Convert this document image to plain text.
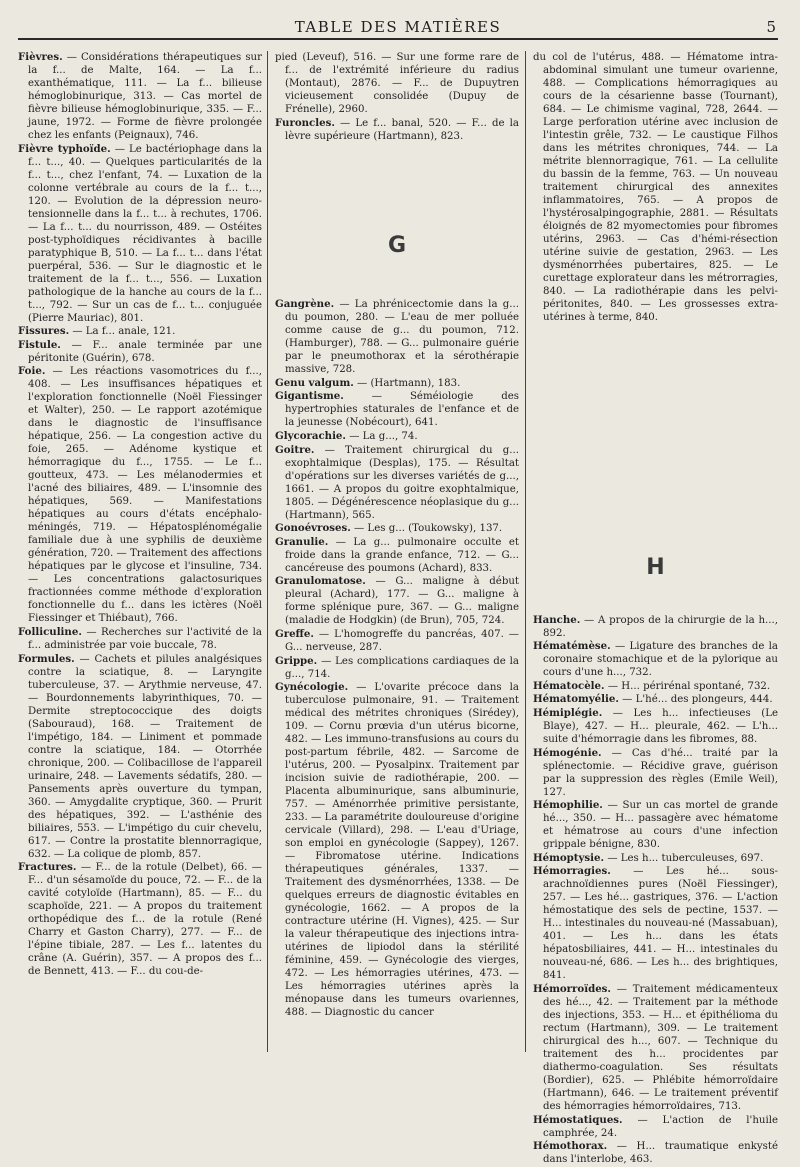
TABLE DES MATIÈRES	5

Fièvres. — Considérations thérapeutiques sur la f... de Malte, 164. — La f... exanthématique, 111. — La f... bilieuse hémoglobinurique, 313. — Cas mortel de fièvre bilieuse hémoglobinurique, 335. — F... jaune, 1972. — Forme de fièvre prolongée chez les enfants (Peignaux), 746.

Fièvre typhoïde. — Le bactériophage dans la f... t..., 40. — Quelques particularités de la f... t..., chez l'enfant, 74. — Luxation de la colonne vertébrale au cours de la f... t..., 120. — Evolution de la dépression neuro-tensionnelle dans la f... t... à rechutes, 1706. — La f... t... du nourrisson, 489. — Ostéites post-typhoïdiques récidivantes à bacille paratyphique B, 510. — La f... t... dans l'état puerpéral, 536. — Sur le diagnostic et le traitement de la f... t..., 556. — Luxation pathologique de la hanche au cours de la f... t..., 792. — Sur un cas de f... t... conjuguée (Pierre Mauriac), 801.

Fissures. — La f... anale, 121.

Fistule. — F... anale terminée par une péritonite (Guérin), 678.

Foie. — Les réactions vasomotrices du f..., 408. — Les insuffisances hépatiques et l'exploration fonctionnelle (Noël Fiessinger et Walter), 250. — Le rapport azotémique dans le diagnostic de l'insuffisance hépatique, 256. — La congestion active du foie, 265. — Adénome kystique et hémorragique du f..., 1755. — Le f... goutteux, 473. — Les mélanodermies et l'acné des biliaires, 489. — L'insomnie des hépatiques, 569. — Manifestations hépatiques au cours d'états encéphalo-méningés, 719. — Hépatosplénomégalie familiale due à une syphilis de deuxième génération, 720. — Traitement des affections hépatiques par le glycose et l'insuline, 734. — Les concentrations galactosuriques fractionnées comme méthode d'exploration fonctionnelle du f... dans les ictères (Noël Fiessinger et Thiébaut), 766.

Folliculine. — Recherches sur l'activité de la f... administrée par voie buccale, 78.

Formules. — Cachets et pilules analgésiques contre la sciatique, 8. — Laryngite tuberculeuse, 37. — Arythmie nerveuse, 47. — Bourdonnements labyrinthiques, 70. — Dermite streptococcique des doigts (Sabouraud), 168. — Traitement de l'impétigo, 184. — Liniment et pommade contre la sciatique, 184. — Otorrhée chronique, 200. — Colibacillose de l'appareil urinaire, 248. — Lavements sédatifs, 280. — Pansements après ouverture du tympan, 360. — Amygdalite cryptique, 360. — Prurit des hépatiques, 392. — L'asthénie des biliaires, 553. — L'impétigo du cuir chevelu, 617. — Contre la prostatite blennorragique, 632. — La colique de plomb, 857.

Fractures. — F... de la rotule (Delbet), 66. — F... d'un sésamoïde du pouce, 72. — F... de la cavité cotyloïde (Hartmann), 85. — F... du scaphoïde, 221. — A propos du traitement orthopédique des f... de la rotule (René Charry et Gaston Charry), 277. — F... de l'épine tibiale, 287. — Les f... latentes du crâne (A. Guérin), 357. — A propos des f... de Bennett, 413. — F... du cou-de-

pied (Leveuf), 516. — Sur une forme rare de f... de l'extrémité inférieure du radius (Montaut), 2876. — F... de Dupuytren vicieusement consolidée (Dupuy de Frénelle), 2960.

Furoncles. — Le f... banal, 520. — F... de la lèvre supérieure (Hartmann), 823.

G

Gangrène. — La phrénicectomie dans la g... du poumon, 280. — L'eau de mer polluée comme cause de g... du poumon, 712. (Hamburger), 788. — G... pulmonaire guérie par le pneumothorax et la sérothérapie massive, 728.

Genu valgum. — (Hartmann), 183.

Gigantisme. — Séméiologie des hypertrophies staturales de l'enfance et de la jeunesse (Nobécourt), 641.

Glycorachie. — La g..., 74.

Goitre. — Traitement chirurgical du g... exophtalmique (Desplas), 175. — Résultat d'opérations sur les diverses variétés de g..., 1661. — A propos du goitre exophtalmique, 1805. — Dégénérescence néoplasique du g... (Hartmann), 565.

Gonoévroses. — Les g... (Toukowsky), 137.

Granulie. — La g... pulmonaire occulte et froide dans la grande enfance, 712. — G... cancéreuse des poumons (Achard), 833.

Granulomatose. — G... maligne à début pleural (Achard), 177. — G... maligne à forme splénique pure, 367. — G... maligne (maladie de Hodgkin) (de Brun), 705, 724.

Greffe. — L'homogreffe du pancréas, 407. — G... nerveuse, 287.

Grippe. — Les complications cardiaques de la g..., 714.

Gynécologie. — L'ovarite précoce dans la tuberculose pulmonaire, 91. — Traitement médical des métrites chroniques (Sirédey), 109. — Cornu prœvia d'un utérus bicorne, 482. — Les immuno-transfusions au cours du post-partum fébrile, 482. — Sarcome de l'utérus, 200. — Pyosalpinx. Traitement par incision suivie de radiothérapie, 200. — Placenta albuminurique, sans albuminurie, 757. — Aménorrhée primitive persistante, 233. — La paramétrite douloureuse d'origine cervicale (Villard), 298. — L'eau d'Uriage, son emploi en gynécologie (Sappey), 1267. — Fibromatose utérine. Indications thérapeutiques générales, 1337. — Traitement des dysménorrhées, 1338. — De quelques erreurs de diagnostic évitables en gynécologie, 1662. — A propos de la contracture utérine (H. Vignes), 425. — Sur la valeur thérapeutique des injections intra-utérines de lipiodol dans la stérilité féminine, 459. — Gynécologie des vierges, 472. — Les hémorragies utérines, 473. — Les hémorragies utérines après la ménopause dans les tumeurs ovariennes, 488. — Diagnostic du cancer

du col de l'utérus, 488. — Hématome intra-abdominal simulant une tumeur ovarienne, 488. — Complications hémorragiques au cours de la césarienne basse (Tournant), 684. — Le chimisme vaginal, 728, 2644. — Large perforation utérine avec inclusion de l'intestin grêle, 732. — Le caustique Filhos dans les métrites chroniques, 744. — La métrite blennorragique, 761. — La cellulite du bassin de la femme, 763. — Un nouveau traitement chirurgical des annexites inflammatoires, 765. — A propos de l'hystérosalpingographie, 2881. — Résultats éloignés de 82 myomectomies pour fibromes utérins, 2963. — Cas d'hémi-résection utérine suivie de gestation, 2963. — Les dysménorrhées pubertaires, 825. — Le curettage explorateur dans les métrorragies, 840. — La radiothérapie dans les pelvi-péritonites, 840. — Les grossesses extra-utérines à terme, 840.

H

Hanche. — A propos de la chirurgie de la h..., 892.

Hématémèse. — Ligature des branches de la coronaire stomachique et de la pylorique au cours d'une h..., 732.

Hématocèle. — H... périrénal spontané, 732.

Hématomyélie. — L'hé... des plongeurs, 444.

Hémiplégie. — Les h... infectieuses (Le Blaye), 427. — H... pleurale, 462. — L'h... suite d'hémorragie dans les fibromes, 88.

Hémogénie. — Cas d'hé... traité par la splénectomie. — Récidive grave, guérison par la suppression des règles (Emile Weil), 127.

Hémophilie. — Sur un cas mortel de grande hé..., 350. — H... passagère avec hématome et hématrose au cours d'une infection grippale bénigne, 830.

Hémoptysie. — Les h... tuberculeuses, 697.

Hémorragies. — Les hé... sous-arachnoïdiennes pures (Noël Fiessinger), 257. — Les hé... gastriques, 376. — L'action hémostatique des sels de pectine, 1537. — H... intestinales du nouveau-né (Massabuan), 401. — Les h... dans les états hépatosbiliaires, 441. — H... intestinales du nouveau-né, 686. — Les h... des brightiques, 841.

Hémorroïdes. — Traitement médicamenteux des hé..., 42. — Traitement par la méthode des injections, 353. — H... et épithélioma du rectum (Hartmann), 309. — Le traitement chirurgical des h..., 607. — Technique du traitement des h... procidentes par diathermo-coagulation. Ses résultats (Bordier), 625. — Phlébite hémorroïdaire (Hartmann), 646. — Le traitement préventif des hémorragies hémorroïdaires, 713.

Hémostatiques. — L'action de l'huile camphrée, 24.

Hémothorax. — H... traumatique enkysté dans l'interlobe, 463.
